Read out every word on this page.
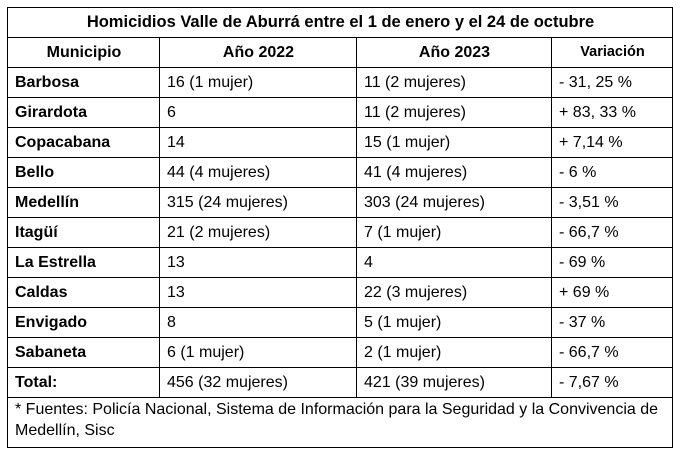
Homicidios Valle de Aburrá entre el 1 de enero y el 24 de octubre			
Municipio	Año 2022	Año 2023	Variación
Barbosa	16 (1 mujer)	11 (2 mujeres)	- 31, 25 %
Girardota	6	11 (2 mujeres)	+ 83, 33 %
Copacabana	14	15 (1 mujer)	+ 7,14 %
Bello	44 (4 mujeres)	41 (4 mujeres)	- 6 %
Medellín	315 (24 mujeres)	303 (24 mujeres)	- 3,51 %
Itagüí	21 (2 mujeres)	7 (1 mujer)	- 66,7 %
La Estrella	13	4	- 69 %
Caldas	13	22 (3 mujeres)	+ 69 %
Envigado	8	5 (1 mujer)	- 37 %
Sabaneta	6 (1 mujer)	2 (1 mujer)	- 66,7 %
Total:	456 (32 mujeres)	421 (39 mujeres)	- 7,67 %
* Fuentes: Policía Nacional, Sistema de Información para la Seguridad y la Convivencia de Medellín, Sisc			
